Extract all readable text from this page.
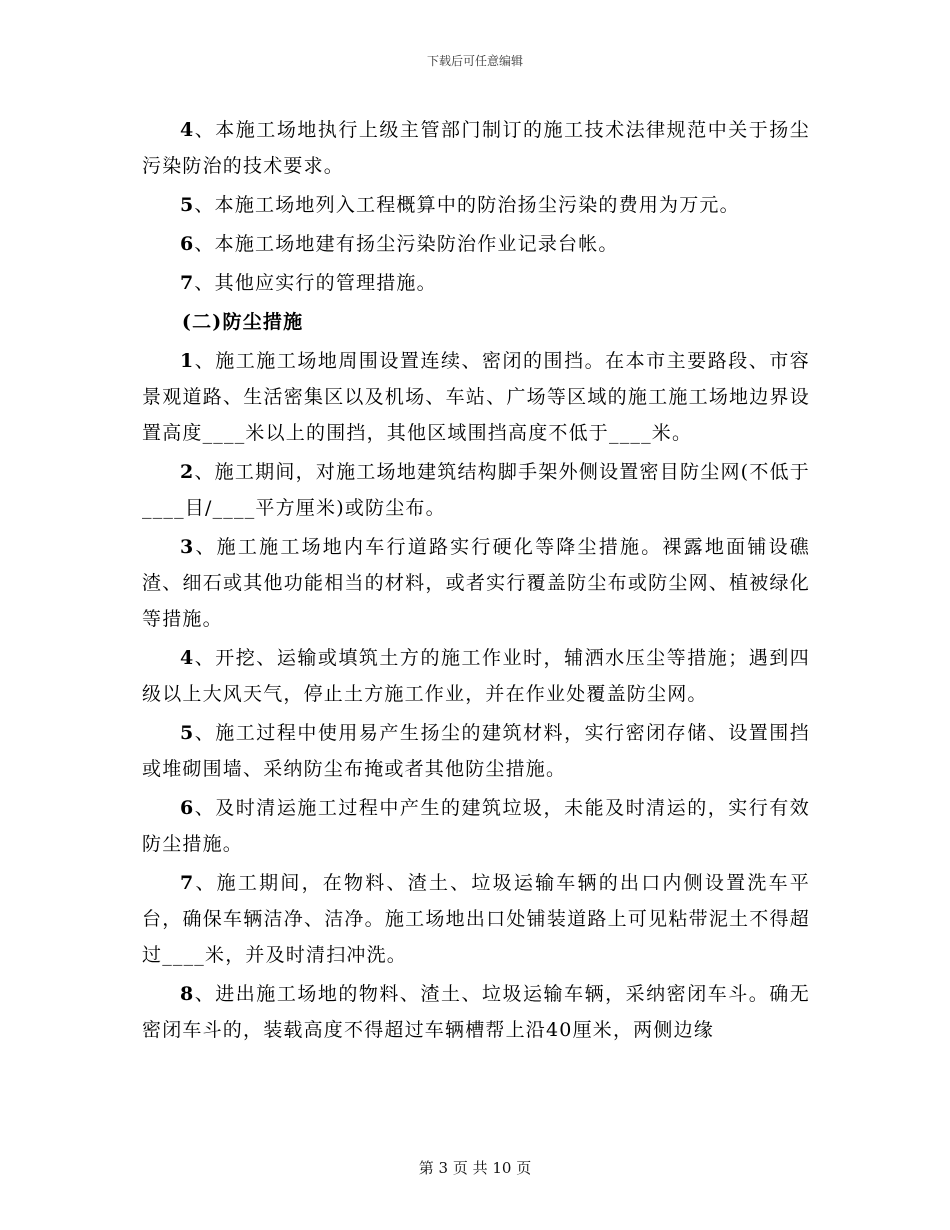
下载后可任意编辑

4、本施工场地执行上级主管部门制订的施工技术法律规范中关于扬尘污染防治的技术要求。

5、本施工场地列入工程概算中的防治扬尘污染的费用为万元。

6、本施工场地建有扬尘污染防治作业记录台帐。

7、其他应实行的管理措施。

(二)防尘措施

1、施工施工场地周围设置连续、密闭的围挡。在本市主要路段、市容景观道路、生活密集区以及机场、车站、广场等区域的施工施工场地边界设置高度____米以上的围挡，其他区域围挡高度不低于____米。

2、施工期间，对施工场地建筑结构脚手架外侧设置密目防尘网(不低于____目/____平方厘米)或防尘布。

3、施工施工场地内车行道路实行硬化等降尘措施。裸露地面铺设礁渣、细石或其他功能相当的材料，或者实行覆盖防尘布或防尘网、植被绿化等措施。

4、开挖、运输或填筑土方的施工作业时，辅洒水压尘等措施；遇到四级以上大风天气，停止土方施工作业，并在作业处覆盖防尘网。

5、施工过程中使用易产生扬尘的建筑材料，实行密闭存储、设置围挡或堆砌围墙、采纳防尘布掩或者其他防尘措施。

6、及时清运施工过程中产生的建筑垃圾，未能及时清运的，实行有效防尘措施。

7、施工期间，在物料、渣土、垃圾运输车辆的出口内侧设置洗车平台，确保车辆洁净、洁净。施工场地出口处铺装道路上可见粘带泥土不得超过____米，并及时清扫冲洗。

8、进出施工场地的物料、渣土、垃圾运输车辆，采纳密闭车斗。确无密闭车斗的，装载高度不得超过车辆槽帮上沿40厘米，两侧边缘

第 3 页 共 10 页
